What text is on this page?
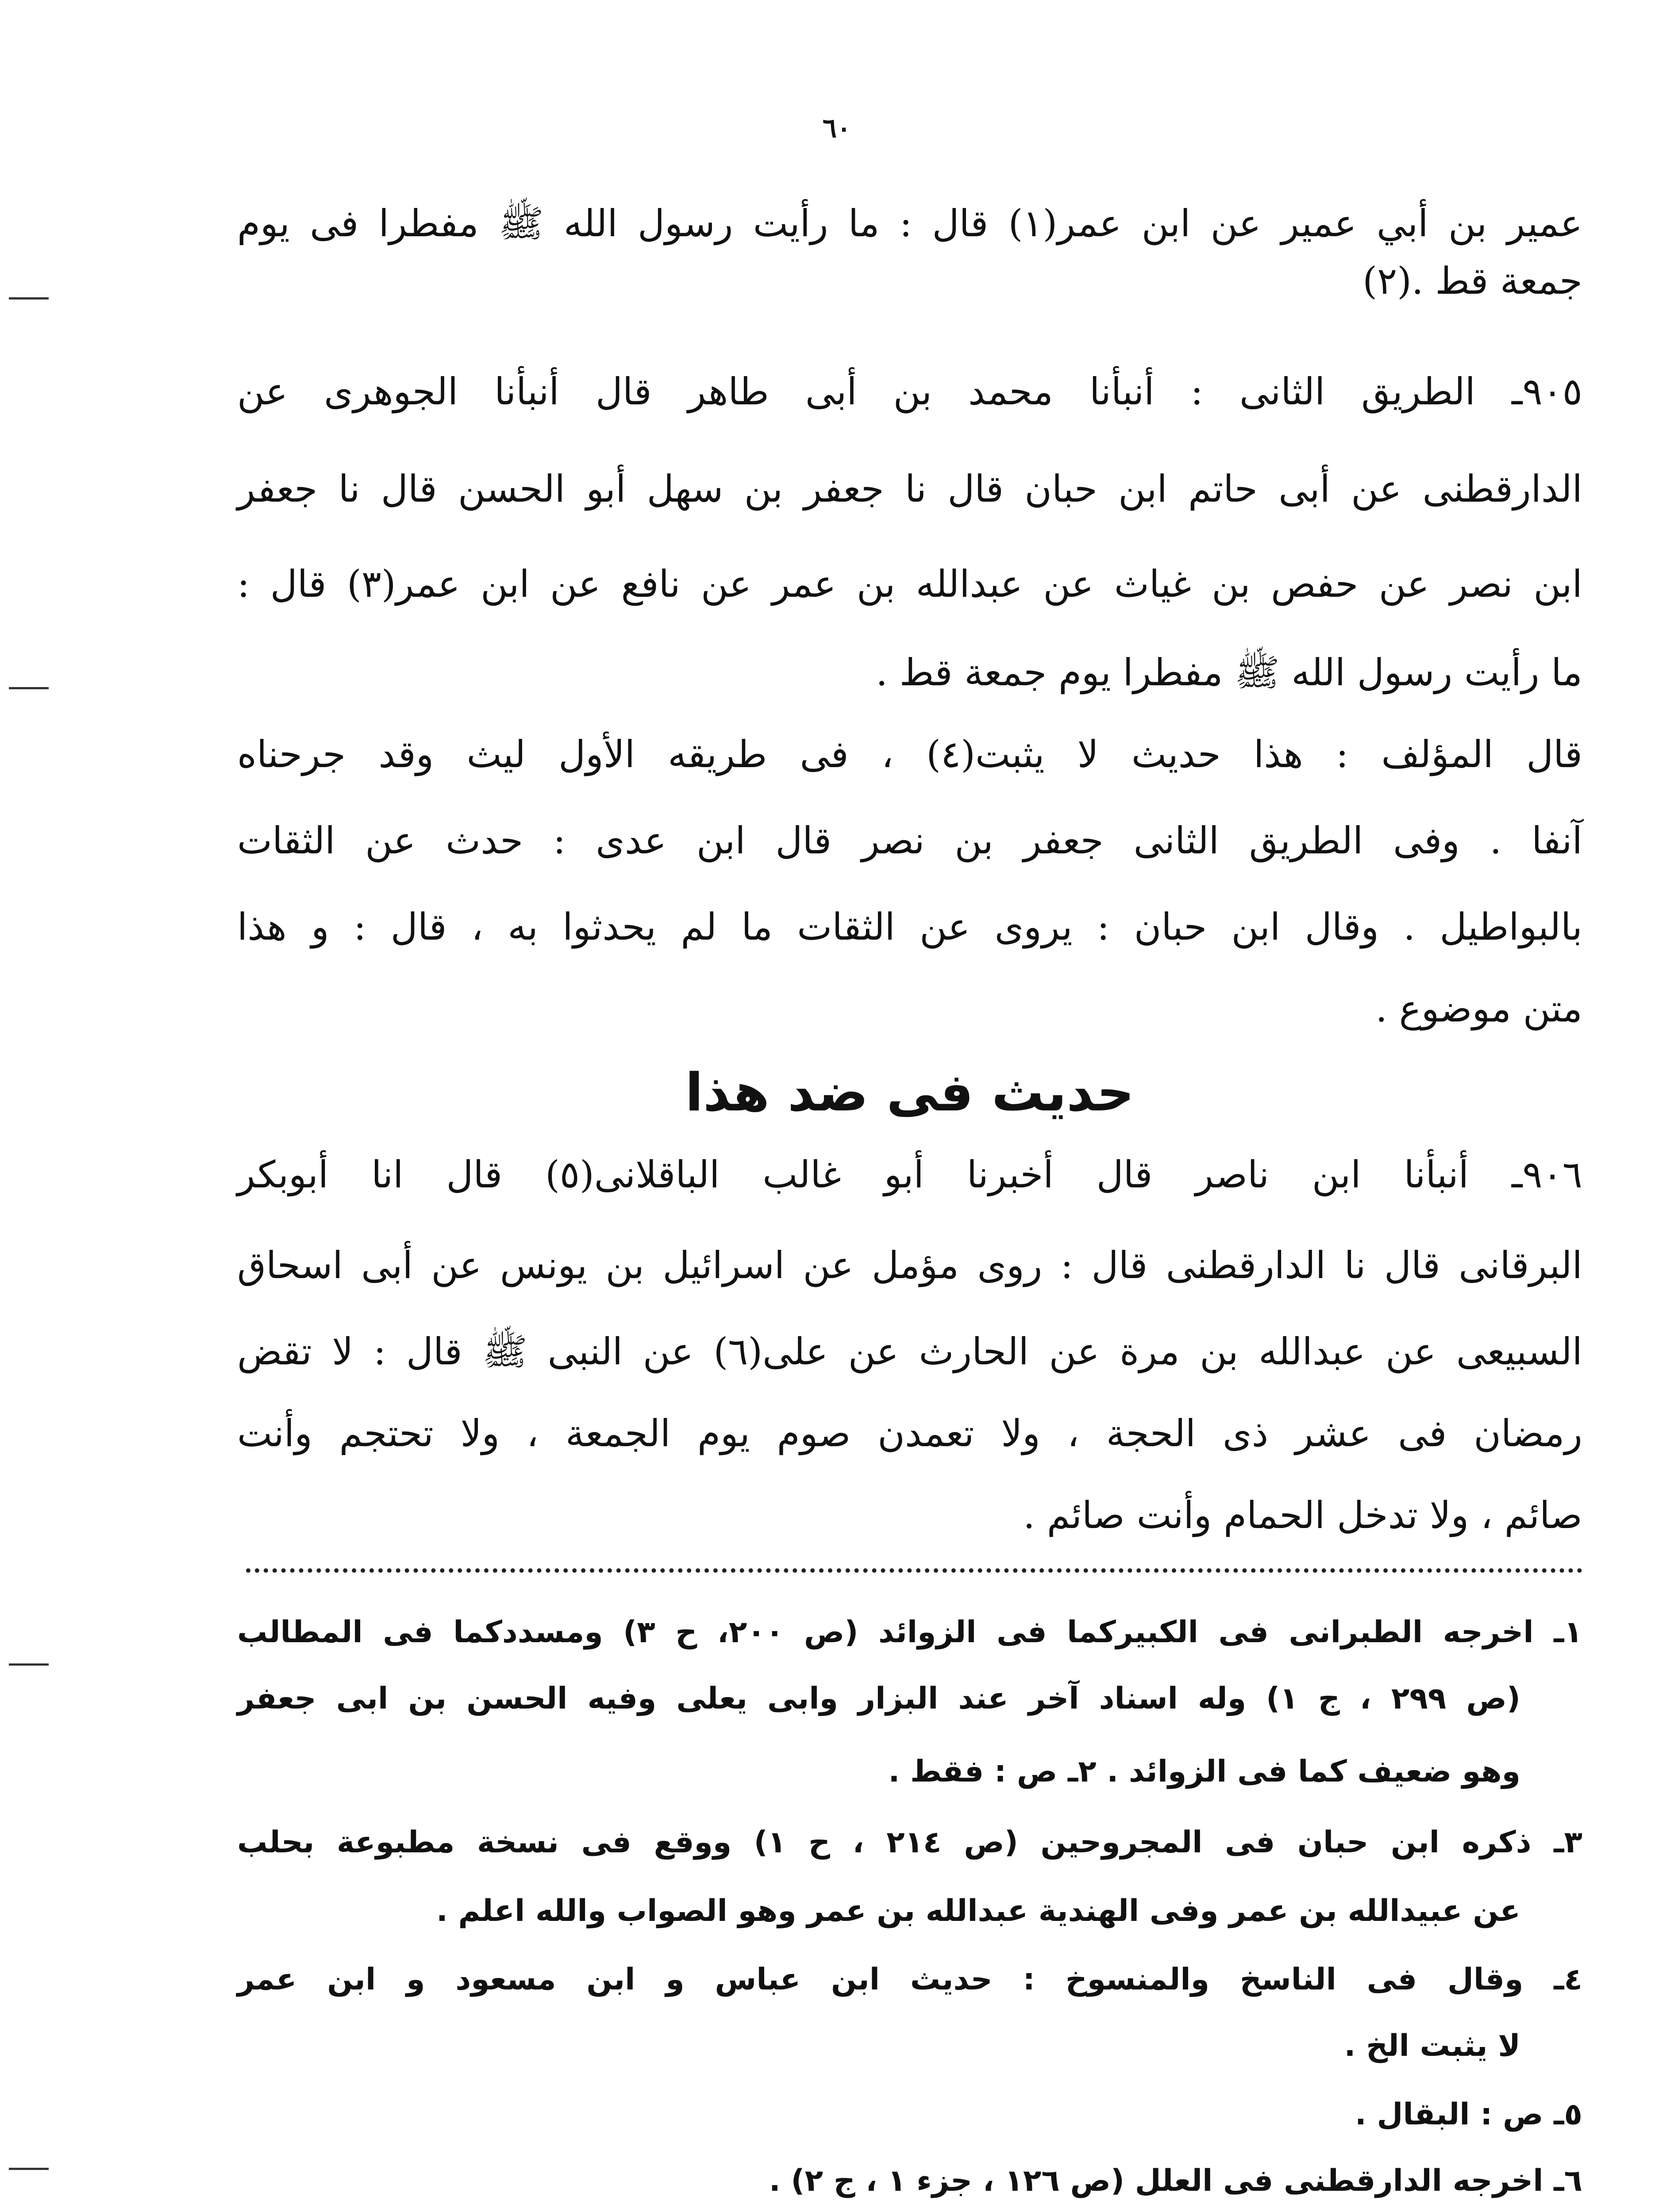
٦٠
عمير بن أبي عمير عن ابن عمر(١) قال : ما رأيت رسول الله ﷺ مفطرا فى يوم
جمعة قط .(٢)
٩٠٥ـ الطريق الثانى : أنبأنا محمد بن أبى طاهر قال أنبأنا الجوهرى عن
الدارقطنى عن أبى حاتم ابن حبان قال نا جعفر بن سهل أبو الحسن قال نا جعفر
ابن نصر عن حفص بن غياث عن عبدالله بن عمر عن نافع عن ابن عمر(٣) قال :
ما رأيت رسول الله ﷺ مفطرا يوم جمعة قط .
قال المؤلف : هذا حديث لا يثبت(٤) ، فى طريقه الأول ليث وقد جرحناه
آنفا . وفى الطريق الثانى جعفر بن نصر قال ابن عدى : حدث عن الثقات
بالبواطيل . وقال ابن حبان : يروى عن الثقات ما لم يحدثوا به ، قال : و هذا
متن موضوع .
حديث فى ضد هذا
٩٠٦ـ أنبأنا ابن ناصر قال أخبرنا أبو غالب الباقلانى(٥) قال انا أبوبكر
البرقانى قال نا الدارقطنى قال : روى مؤمل عن اسرائيل بن يونس عن أبى اسحاق
السبيعى عن عبدالله بن مرة عن الحارث عن على(٦) عن النبى ﷺ قال : لا تقض
رمضان فى عشر ذى الحجة ، ولا تعمدن صوم يوم الجمعة ، ولا تحتجم وأنت
صائم ، ولا تدخل الحمام وأنت صائم .
١ـ اخرجه الطبرانى فى الكبيركما فى الزوائد (ص ٢٠٠، ح ٣) ومسددكما فى المطالب
(ص ٢٩٩ ، ج ١) وله اسناد آخر عند البزار وابى يعلى وفيه الحسن بن ابى جعفر
وهو ضعيف كما فى الزوائد . ٢ـ ص : فقط .
٣ـ ذكره ابن حبان فى المجروحين (ص ٢١٤ ، ح ١) ووقع فى نسخة مطبوعة بحلب
عن عبيدالله بن عمر وفى الهندية عبدالله بن عمر وهو الصواب والله اعلم .
٤ـ وقال فى الناسخ والمنسوخ : حديث ابن عباس و ابن مسعود و ابن عمر
لا يثبت الخ .
٥ـ ص : البقال .
٦ـ اخرجه الدارقطنى فى العلل (ص ١٢٦ ، جزء ١ ، ج ٢) .
